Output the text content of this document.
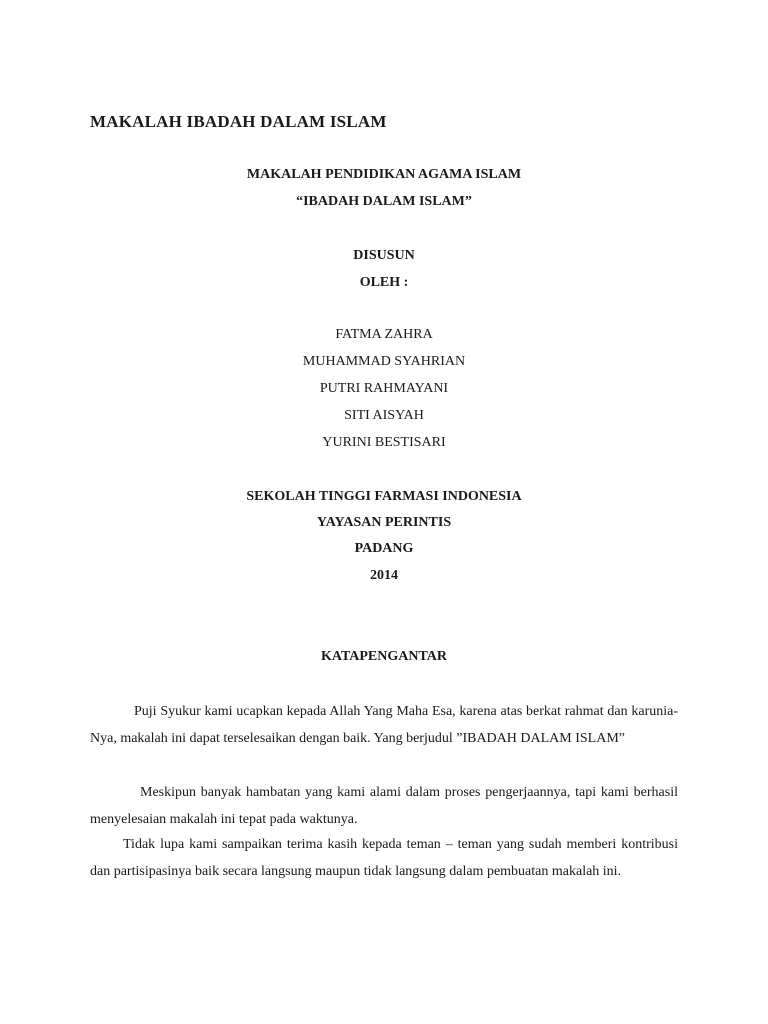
MAKALAH IBADAH DALAM ISLAM
MAKALAH PENDIDIKAN AGAMA ISLAM
“IBADAH DALAM ISLAM”
DISUSUN
OLEH :
FATMA ZAHRA
MUHAMMAD SYAHRIAN
PUTRI RAHMAYANI
SITI AISYAH
YURINI BESTISARI
SEKOLAH TINGGI FARMASI INDONESIA
YAYASAN PERINTIS
PADANG
2014
KATAPENGANTAR

Puji Syukur kami ucapkan kepada Allah Yang Maha Esa, karena atas berkat rahmat dan karunia-Nya, makalah ini dapat terselesaikan dengan baik. Yang berjudul ”IBADAH DALAM ISLAM”

Meskipun banyak hambatan yang kami alami dalam proses pengerjaannya, tapi kami berhasil menyelesaian makalah ini tepat pada waktunya.

Tidak lupa kami sampaikan terima kasih kepada teman – teman yang sudah memberi kontribusi dan partisipasinya baik secara langsung maupun tidak langsung dalam pembuatan makalah ini.
